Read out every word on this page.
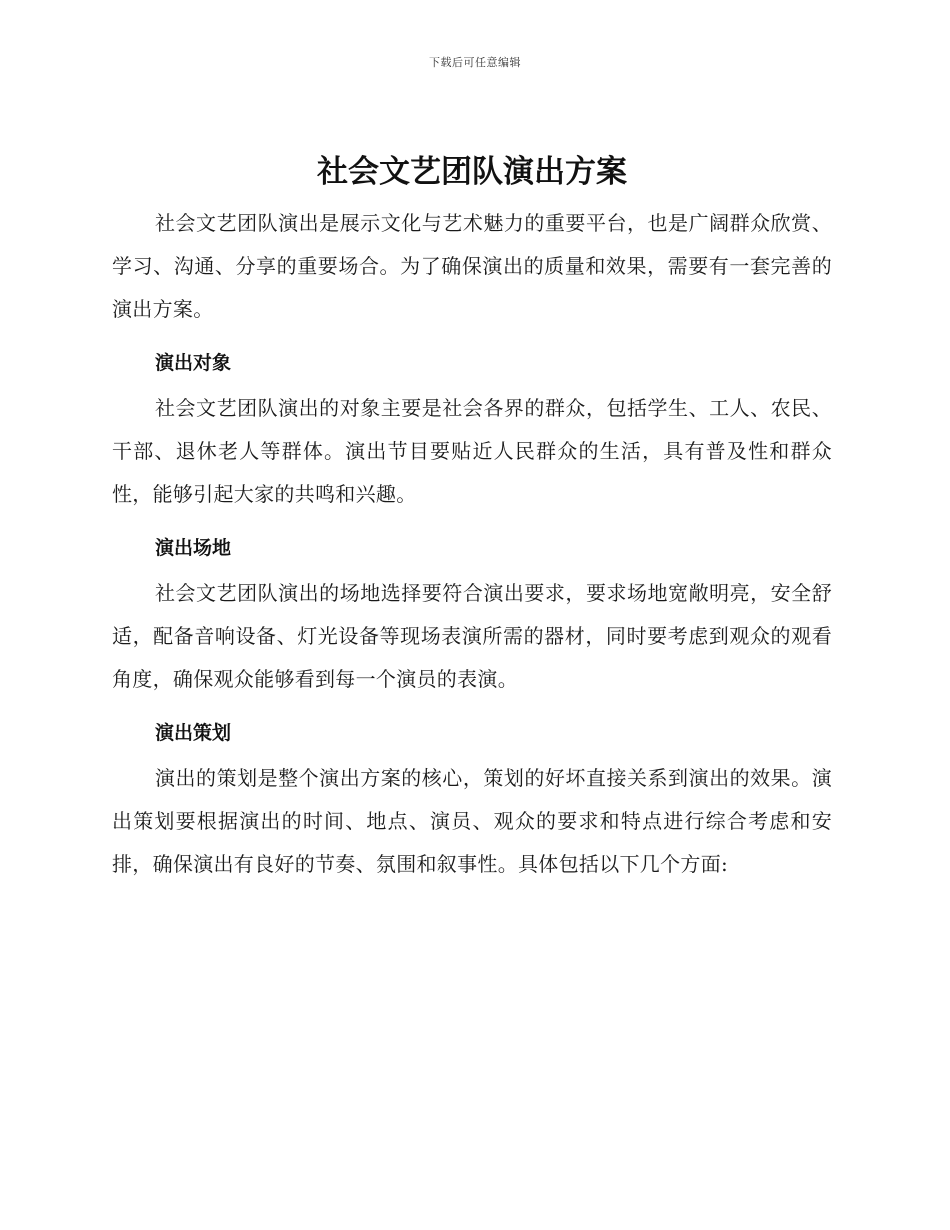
下载后可任意编辑
社会文艺团队演出方案

社会文艺团队演出是展示文化与艺术魅力的重要平台，也是广阔群众欣赏、学习、沟通、分享的重要场合。为了确保演出的质量和效果，需要有一套完善的演出方案。

演出对象

社会文艺团队演出的对象主要是社会各界的群众，包括学生、工人、农民、干部、退休老人等群体。演出节目要贴近人民群众的生活，具有普及性和群众性，能够引起大家的共鸣和兴趣。

演出场地

社会文艺团队演出的场地选择要符合演出要求，要求场地宽敞明亮，安全舒适，配备音响设备、灯光设备等现场表演所需的器材，同时要考虑到观众的观看角度，确保观众能够看到每一个演员的表演。

演出策划

演出的策划是整个演出方案的核心，策划的好坏直接关系到演出的效果。演出策划要根据演出的时间、地点、演员、观众的要求和特点进行综合考虑和安排，确保演出有良好的节奏、氛围和叙事性。具体包括以下几个方面:
